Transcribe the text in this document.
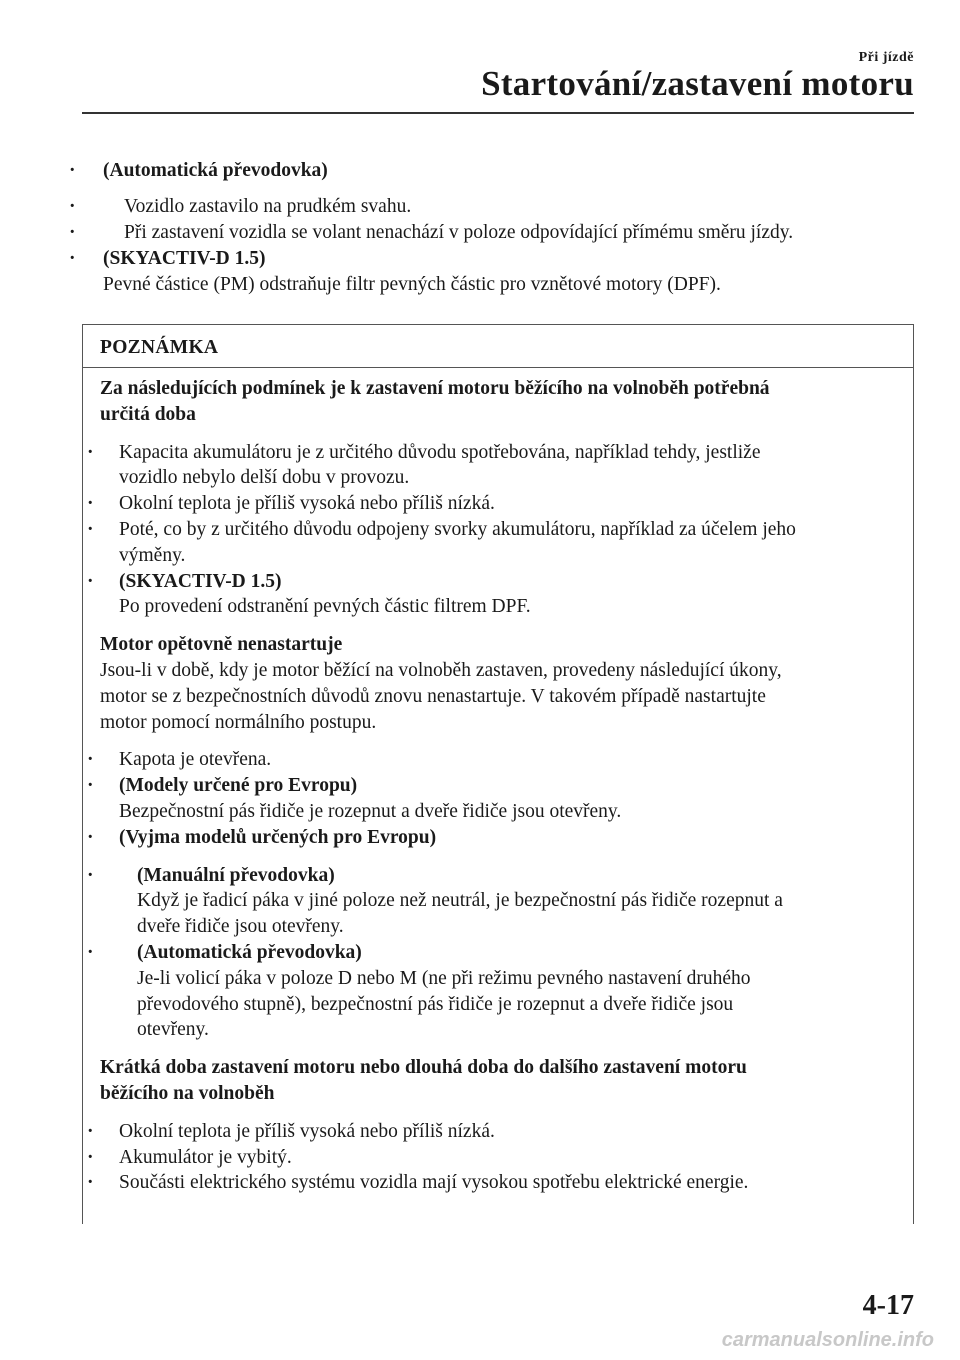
Při jízdě
Startování/zastavení motoru
· (Automatická převodovka)
· Vozidlo zastavilo na prudkém svahu.
· Při zastavení vozidla se volant nenachází v poloze odpovídající přímému směru jízdy.
· (SKYACTIV-D 1.5)
Pevné částice (PM) odstraňuje filtr pevných částic pro vznětové motory (DPF).
POZNÁMKA
Za následujících podmínek je k zastavení motoru běžícího na volnoběh potřebná
určitá doba
· Kapacita akumulátoru je z určitého důvodu spotřebována, například tehdy, jestliže
vozidlo nebylo delší dobu v provozu.
· Okolní teplota je příliš vysoká nebo příliš nízká.
· Poté, co by z určitého důvodu odpojeny svorky akumulátoru, například za účelem jeho
výměny.
· (SKYACTIV-D 1.5)
Po provedení odstranění pevných částic filtrem DPF.
Motor opětovně nenastartuje
Jsou-li v době, kdy je motor běžící na volnoběh zastaven, provedeny následující úkony,
motor se z bezpečnostních důvodů znovu nenastartuje. V takovém případě nastartujte
motor pomocí normálního postupu.
· Kapota je otevřena.
· (Modely určené pro Evropu)
Bezpečnostní pás řidiče je rozepnut a dveře řidiče jsou otevřeny.
· (Vyjma modelů určených pro Evropu)
· (Manuální převodovka)
Když je řadicí páka v jiné poloze než neutrál, je bezpečnostní pás řidiče rozepnut a
dveře řidiče jsou otevřeny.
· (Automatická převodovka)
Je-li volicí páka v poloze D nebo M (ne při režimu pevného nastavení druhého
převodového stupně), bezpečnostní pás řidiče je rozepnut a dveře řidiče jsou
otevřeny.
Krátká doba zastavení motoru nebo dlouhá doba do dalšího zastavení motoru
běžícího na volnoběh
· Okolní teplota je příliš vysoká nebo příliš nízká.
· Akumulátor je vybitý.
· Součásti elektrického systému vozidla mají vysokou spotřebu elektrické energie.
4-17
carmanualsonline.info
